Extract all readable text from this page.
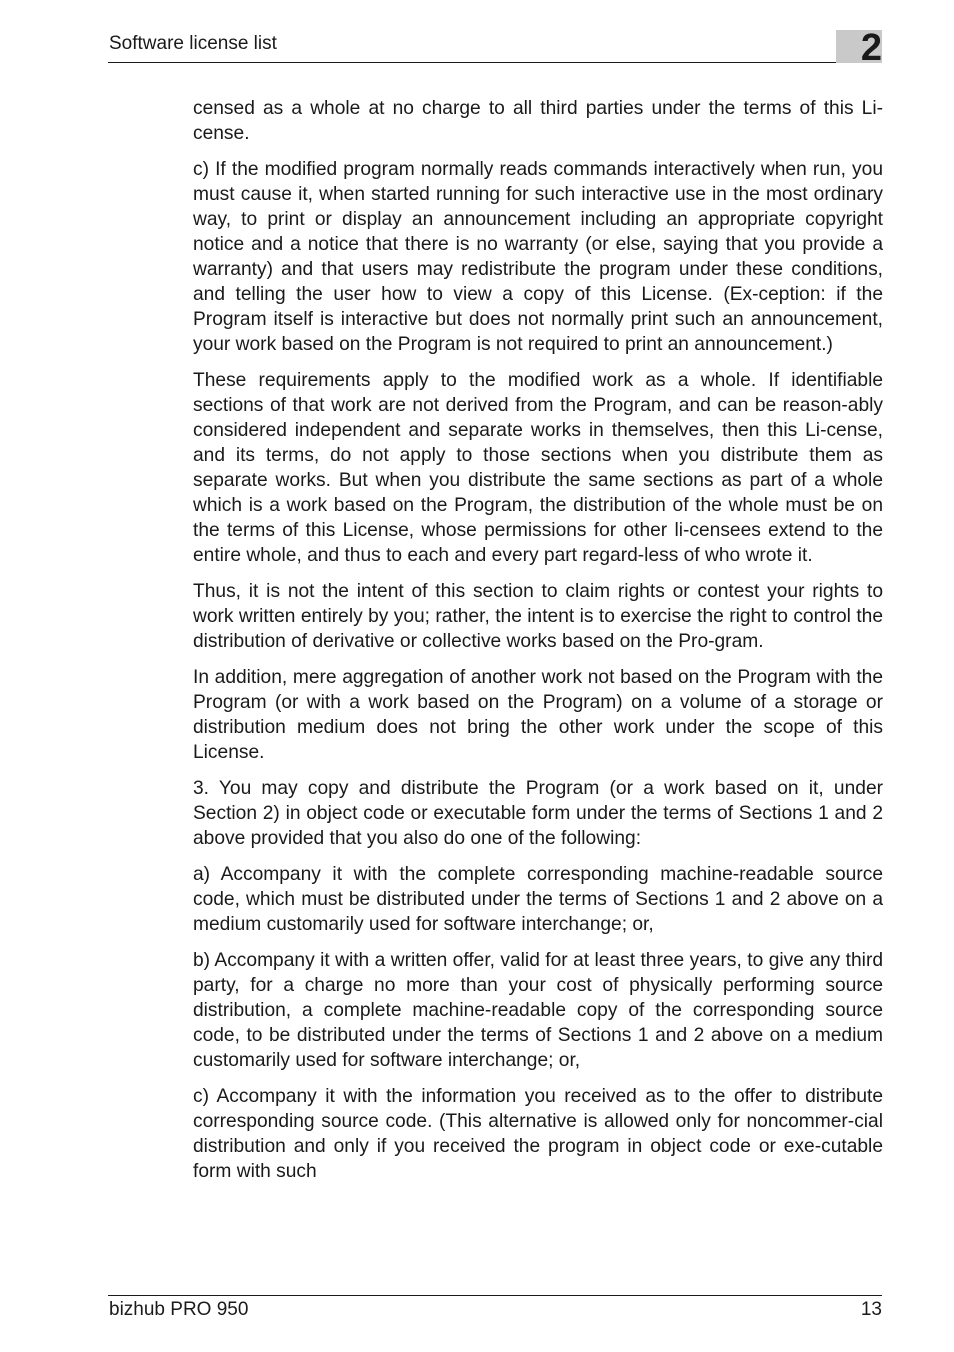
Software license list	2

censed as a whole at no charge to all third parties under the terms of this Li-cense.

c) If the modified program normally reads commands interactively when run, you must cause it, when started running for such interactive use in the most ordinary way, to print or display an announcement including an appropriate copyright notice and a notice that there is no warranty (or else, saying that you provide a warranty) and that users may redistribute the program under these conditions, and telling the user how to view a copy of this License. (Ex-ception: if the Program itself is interactive but does not normally print such an announcement, your work based on the Program is not required to print an announcement.)

These requirements apply to the modified work as a whole. If identifiable sections of that work are not derived from the Program, and can be reason-ably considered independent and separate works in themselves, then this Li-cense, and its terms, do not apply to those sections when you distribute them as separate works. But when you distribute the same sections as part of a whole which is a work based on the Program, the distribution of the whole must be on the terms of this License, whose permissions for other li-censees extend to the entire whole, and thus to each and every part regard-less of who wrote it.

Thus, it is not the intent of this section to claim rights or contest your rights to work written entirely by you; rather, the intent is to exercise the right to control the distribution of derivative or collective works based on the Pro-gram.

In addition, mere aggregation of another work not based on the Program with the Program (or with a work based on the Program) on a volume of a storage or distribution medium does not bring the other work under the scope of this License.

3. You may copy and distribute the Program (or a work based on it, under Section 2) in object code or executable form under the terms of Sections 1 and 2 above provided that you also do one of the following:

a) Accompany it with the complete corresponding machine-readable source code, which must be distributed under the terms of Sections 1 and 2 above on a medium customarily used for software interchange; or,

b) Accompany it with a written offer, valid for at least three years, to give any third party, for a charge no more than your cost of physically performing source distribution, a complete machine-readable copy of the corresponding source code, to be distributed under the terms of Sections 1 and 2 above on a medium customarily used for software interchange; or,

c) Accompany it with the information you received as to the offer to distribute corresponding source code. (This alternative is allowed only for noncommer-cial distribution and only if you received the program in object code or exe-cutable form with such

bizhub PRO 950	13
